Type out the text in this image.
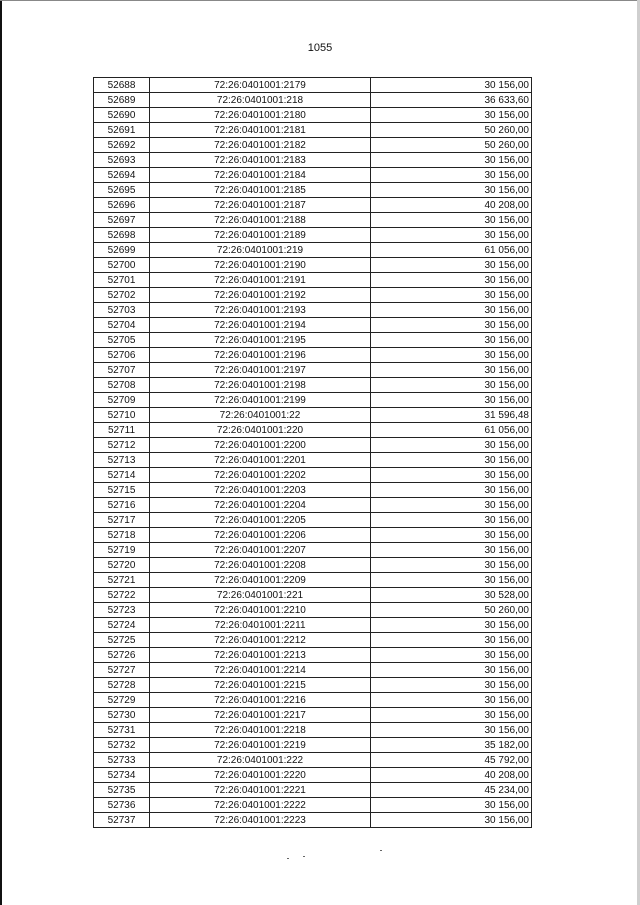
1055
52688	72:26:0401001:2179	30 156,00
52689	72:26:0401001:218	36 633,60
52690	72:26:0401001:2180	30 156,00
52691	72:26:0401001:2181	50 260,00
52692	72:26:0401001:2182	50 260,00
52693	72:26:0401001:2183	30 156,00
52694	72:26:0401001:2184	30 156,00
52695	72:26:0401001:2185	30 156,00
52696	72:26:0401001:2187	40 208,00
52697	72:26:0401001:2188	30 156,00
52698	72:26:0401001:2189	30 156,00
52699	72:26:0401001:219	61 056,00
52700	72:26:0401001:2190	30 156,00
52701	72:26:0401001:2191	30 156,00
52702	72:26:0401001:2192	30 156,00
52703	72:26:0401001:2193	30 156,00
52704	72:26:0401001:2194	30 156,00
52705	72:26:0401001:2195	30 156,00
52706	72:26:0401001:2196	30 156,00
52707	72:26:0401001:2197	30 156,00
52708	72:26:0401001:2198	30 156,00
52709	72:26:0401001:2199	30 156,00
52710	72:26:0401001:22	31 596,48
52711	72:26:0401001:220	61 056,00
52712	72:26:0401001:2200	30 156,00
52713	72:26:0401001:2201	30 156,00
52714	72:26:0401001:2202	30 156,00
52715	72:26:0401001:2203	30 156,00
52716	72:26:0401001:2204	30 156,00
52717	72:26:0401001:2205	30 156,00
52718	72:26:0401001:2206	30 156,00
52719	72:26:0401001:2207	30 156,00
52720	72:26:0401001:2208	30 156,00
52721	72:26:0401001:2209	30 156,00
52722	72:26:0401001:221	30 528,00
52723	72:26:0401001:2210	50 260,00
52724	72:26:0401001:2211	30 156,00
52725	72:26:0401001:2212	30 156,00
52726	72:26:0401001:2213	30 156,00
52727	72:26:0401001:2214	30 156,00
52728	72:26:0401001:2215	30 156,00
52729	72:26:0401001:2216	30 156,00
52730	72:26:0401001:2217	30 156,00
52731	72:26:0401001:2218	30 156,00
52732	72:26:0401001:2219	35 182,00
52733	72:26:0401001:222	45 792,00
52734	72:26:0401001:2220	40 208,00
52735	72:26:0401001:2221	45 234,00
52736	72:26:0401001:2222	30 156,00
52737	72:26:0401001:2223	30 156,00
